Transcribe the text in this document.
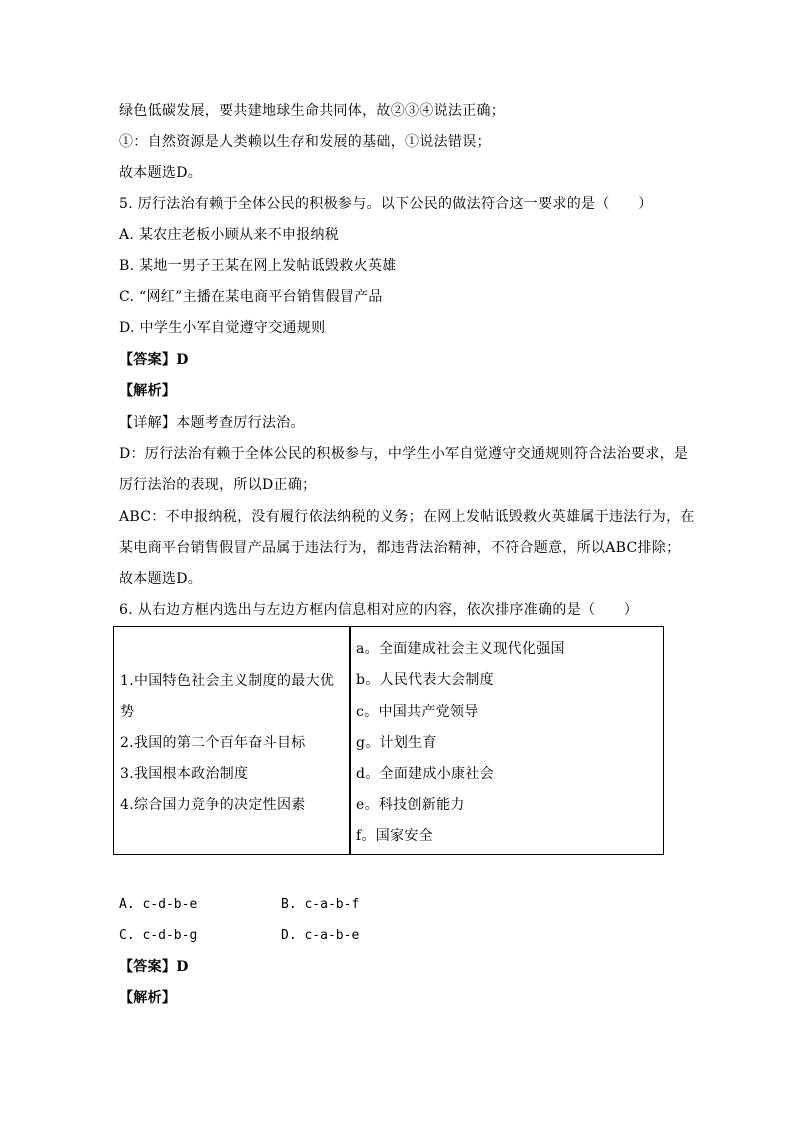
绿色低碳发展，要共建地球生命共同体，故②③④说法正确；
①：自然资源是人类赖以生存和发展的基础，①说法错误；
故本题选D。
5. 厉行法治有赖于全体公民的积极参与。以下公民的做法符合这一要求的是（　　）
A. 某农庄老板小顾从来不申报纳税
B. 某地一男子王某在网上发帖诋毁救火英雄
C. “网红”主播在某电商平台销售假冒产品
D. 中学生小军自觉遵守交通规则
【答案】D
【解析】
【详解】本题考查厉行法治。
D：厉行法治有赖于全体公民的积极参与，中学生小军自觉遵守交通规则符合法治要求，是
厉行法治的表现，所以D正确；
ABC：不申报纳税，没有履行依法纳税的义务；在网上发帖诋毁救火英雄属于违法行为，在
某电商平台销售假冒产品属于违法行为，都违背法治精神，不符合题意，所以ABC排除；
故本题选D。
6. 从右边方框内选出与左边方框内信息相对应的内容，依次排序准确的是（　　）
1.中国特色社会主义制度的最大优
势
2.我国的第二个百年奋斗目标
3.我国根本政治制度
4.综合国力竞争的决定性因素
a。全面建成社会主义现代化强国
b。人民代表大会制度
c。中国共产党领导
g。计划生育
d。全面建成小康社会
e。科技创新能力
f。国家安全
A. c-d-b-e	B. c-a-b-f
C. c-d-b-g	D. c-a-b-e
【答案】D
【解析】
